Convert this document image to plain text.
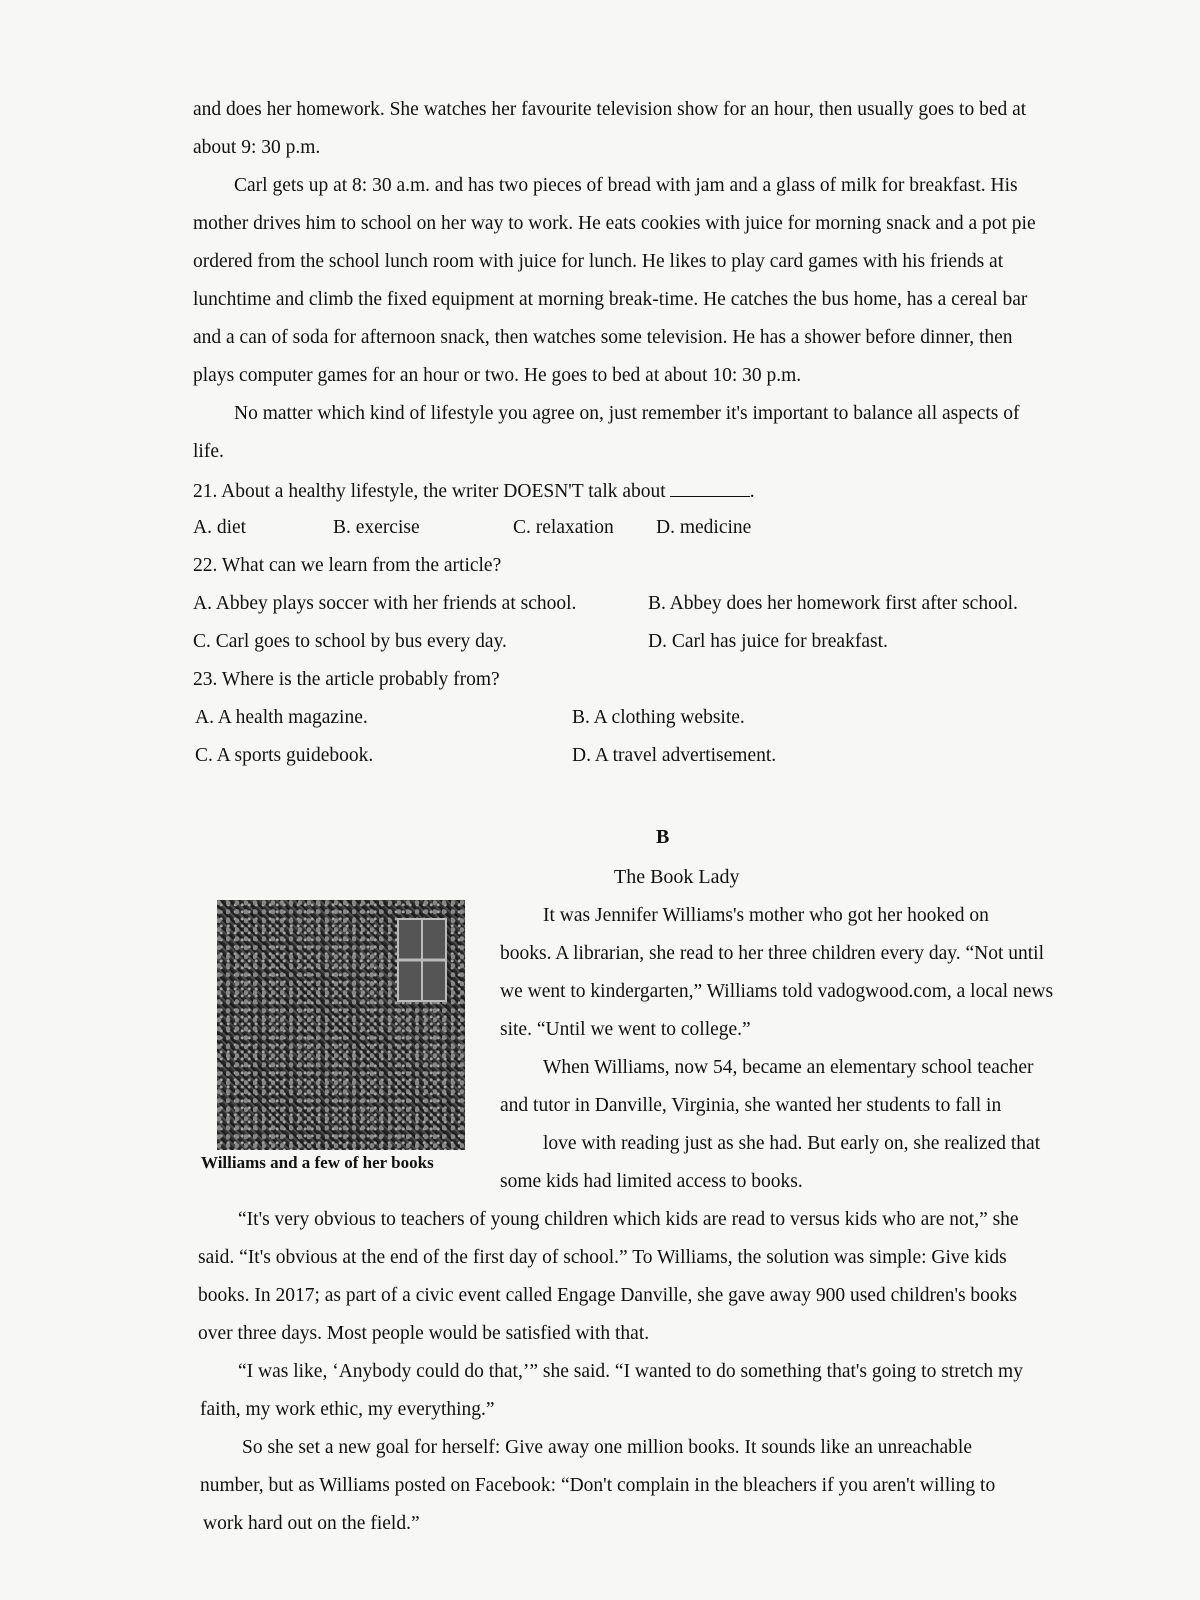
and does her homework. She watches her favourite television show for an hour, then usually goes to bed at
about 9: 30 p.m.
Carl gets up at 8: 30 a.m. and has two pieces of bread with jam and a glass of milk for breakfast. His
mother drives him to school on her way to work. He eats cookies with juice for morning snack and a pot pie
ordered from the school lunch room with juice for lunch. He likes to play card games with his friends at
lunchtime and climb the fixed equipment at morning break-time. He catches the bus home, has a cereal bar
and a can of soda for afternoon snack, then watches some television. He has a shower before dinner, then
plays computer games for an hour or two. He goes to bed at about 10: 30 p.m.
No matter which kind of lifestyle you agree on, just remember it's important to balance all aspects of
life.
21. About a healthy lifestyle, the writer DOESN'T talk about	.
A. diet	B. exercise	C. relaxation D. medicine
22. What can we learn from the article?
A. Abbey plays soccer with her friends at school.	B. Abbey does her homework first after school.
C. Carl goes to school by bus every day.	D. Carl has juice for breakfast.
23. Where is the article probably from?
A. A health magazine.	B. A clothing website.
C. A sports guidebook.	D. A travel advertisement.
B
The Book Lady
Williams and a few of her books
It was Jennifer Williams's mother who got her hooked on
books. A librarian, she read to her three children every day. “Not until
we went to kindergarten,” Williams told vadogwood.com, a local news
site. “Until we went to college.”
When Williams, now 54, became an elementary school teacher
and tutor in Danville, Virginia, she wanted her students to fall in
love with reading just as she had. But early on, she realized that
some kids had limited access to books.
“It's very obvious to teachers of young children which kids are read to versus kids who are not,” she
said. “It's obvious at the end of the first day of school.” To Williams, the solution was simple: Give kids
books. In 2017; as part of a civic event called Engage Danville, she gave away 900 used children's books
over three days. Most people would be satisfied with that.
“I was like, ‘Anybody could do that,’” she said. “I wanted to do something that's going to stretch my
faith, my work ethic, my everything.”
So she set a new goal for herself: Give away one million books. It sounds like an unreachable
number, but as Williams posted on Facebook: “Don't complain in the bleachers if you aren't willing to
work hard out on the field.”
